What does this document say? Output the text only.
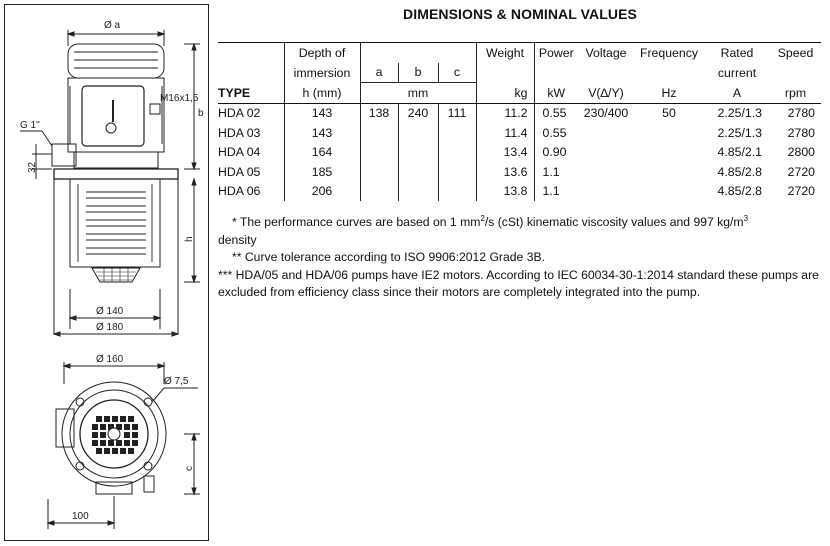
Ø a
M16x1,5
b
G 1"
32
h
Ø 140
Ø 180
Ø 160
Ø 7,5
c
100
DIMENSIONS & NOMINAL VALUES
	Depth of				Weight	Power	Voltage	Frequency	Rated	Speed
	immersion	a	b	c					current	
TYPE	h (mm)	mm			kg	kW	V(∆/Y)	Hz	A	rpm
HDA 02	143	138	240	111	11.2	0.55	230/400	50	2.25/1.3	2780
HDA 03	143				11.4	0.55			2.25/1.3	2780
HDA 04	164				13.4	0.90			4.85/2.1	2800
HDA 05	185				13.6	1.1			4.85/2.8	2720
HDA 06	206				13.8	1.1			4.85/2.8	2720

* The performance curves are based on 1 $mm^2/s$ (cSt) kinematic viscosity values and 997 $kg/m^3$

density

** Curve tolerance according to ISO 9906:2012 Grade 3B.

*** HDA/05 and HDA/06 pumps have IE2 motors. According to IEC 60034-30-1:2014 standard these pumps are excluded from efficiency class since their motors are completely integrated into the pump.
